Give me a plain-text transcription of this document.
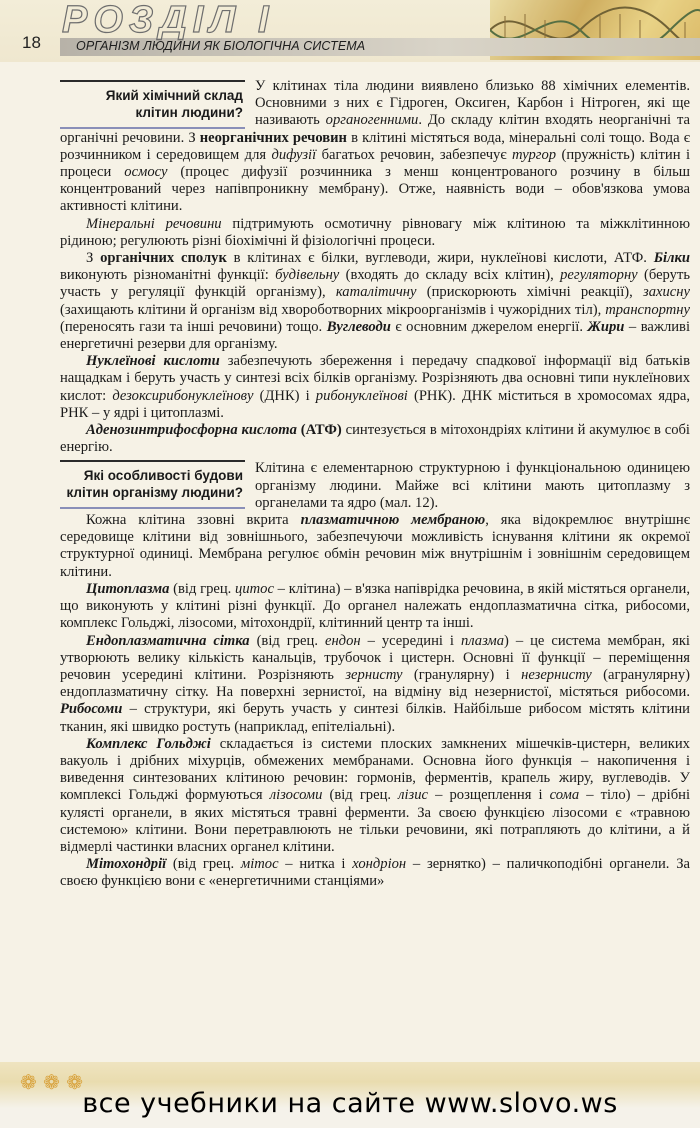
РОЗДІЛ І
18	ОРГАНІЗМ ЛЮДИНИ ЯК БІОЛОГІЧНА СИСТЕМА
Який хімічний склад клітин людини?

У клітинах тіла людини виявлено близько 88 хімічних елементів. Основними з них є Гідроген, Оксиген, Карбон і Нітроген, які ще називають органогенними. До складу клітин входять неорганічні та органічні речовини. З неорганічних речовин в клітині містяться вода, мінеральні солі тощо. Вода є розчинником і середовищем для дифузії багатьох речовин, забезпечує тургор (пружність) клітин і процеси осмосу (процес дифузії розчинника з менш концентрованого розчину в більш концентрований через напівпроникну мембрану). Отже, наявність води – обов'язкова умова активності клітини.

Мінеральні речовини підтримують осмотичну рівновагу між клітиною та міжклітинною рідиною; регулюють різні біохімічні й фізіологічні процеси.

З органічних сполук в клітинах є білки, вуглеводи, жири, нуклеїнові кислоти, АТФ. Білки виконують різноманітні функції: будівельну (входять до складу всіх клітин), регуляторну (беруть участь у регуляції функцій організму), каталітичну (прискорюють хімічні реакції), захисну (захищають клітини й організм від хвороботворних мікроорганізмів і чужорідних тіл), транспортну (переносять гази та інші речовини) тощо. Вуглеводи є основним джерелом енергії. Жири – важливі енергетичні резерви для організму.

Нуклеїнові кислоти забезпечують збереження і передачу спадкової інформації від батьків нащадкам і беруть участь у синтезі всіх білків організму. Розрізняють два основні типи нуклеїнових кислот: дезоксирибонуклеїнову (ДНК) і рибонуклеїнові (РНК). ДНК міститься в хромосомах ядра, РНК – у ядрі і цитоплазмі.

Аденозинтрифосфорна кислота (АТФ) синтезується в мітохондріях клітини й акумулює в собі енергію.

Які особливості будови клітин організму людини?

Клітина є елементарною структурною і функціональною одиницею організму людини. Майже всі клітини мають цитоплазму з органелами та ядро (мал. 12).

Кожна клітина ззовні вкрита плазматичною мембраною, яка відокремлює внутрішнє середовище клітини від зовнішнього, забезпечуючи можливість існування клітини як окремої структурної одиниці. Мембрана регулює обмін речовин між внутрішнім і зовнішнім середовищем клітини.

Цитоплазма (від грец. цитос – клітина) – в'язка напіврідка речовина, в якій містяться органели, що виконують у клітині різні функції. До органел належать ендоплазматична сітка, рибосоми, комплекс Гольджі, лізосоми, мітохондрії, клітинний центр та інші.

Ендоплазматична сітка (від грец. ендон – усередині і плазма) – це система мембран, які утворюють велику кількість канальців, трубочок і цистерн. Основні її функції – переміщення речовин усередині клітини. Розрізняють зернисту (гранулярну) і незернисту (агранулярну) ендоплазматичну сітку. На поверхні зернистої, на відміну від незернистої, містяться рибосоми. Рибосоми – структури, які беруть участь у синтезі білків. Найбільше рибосом містять клітини тканин, які швидко ростуть (наприклад, епітеліальні).

Комплекс Гольджі складається із системи плоских замкнених мішечків-цистерн, великих вакуоль і дрібних міхурців, обмежених мембранами. Основна його функція – накопичення і виведення синтезованих клітиною речовин: гормонів, ферментів, крапель жиру, вуглеводів. У комплексі Гольджі формуються лізосоми (від грец. лізис – розщеплення і сома – тіло) – дрібні кулясті органели, в яких містяться травні ферменти. За своєю функцією лізосоми є «травною системою» клітини. Вони перетравлюють не тільки речовини, які потрапляють до клітини, а й відмерлі частинки власних органел клітини.

Мітохондрії (від грец. мітос – нитка і хондріон – зернятко) – паличкоподібні органели. За своєю функцією вони є «енергетичними станціями»

❁ ❁ ❁
все учебники на сайте www.slovo.ws
